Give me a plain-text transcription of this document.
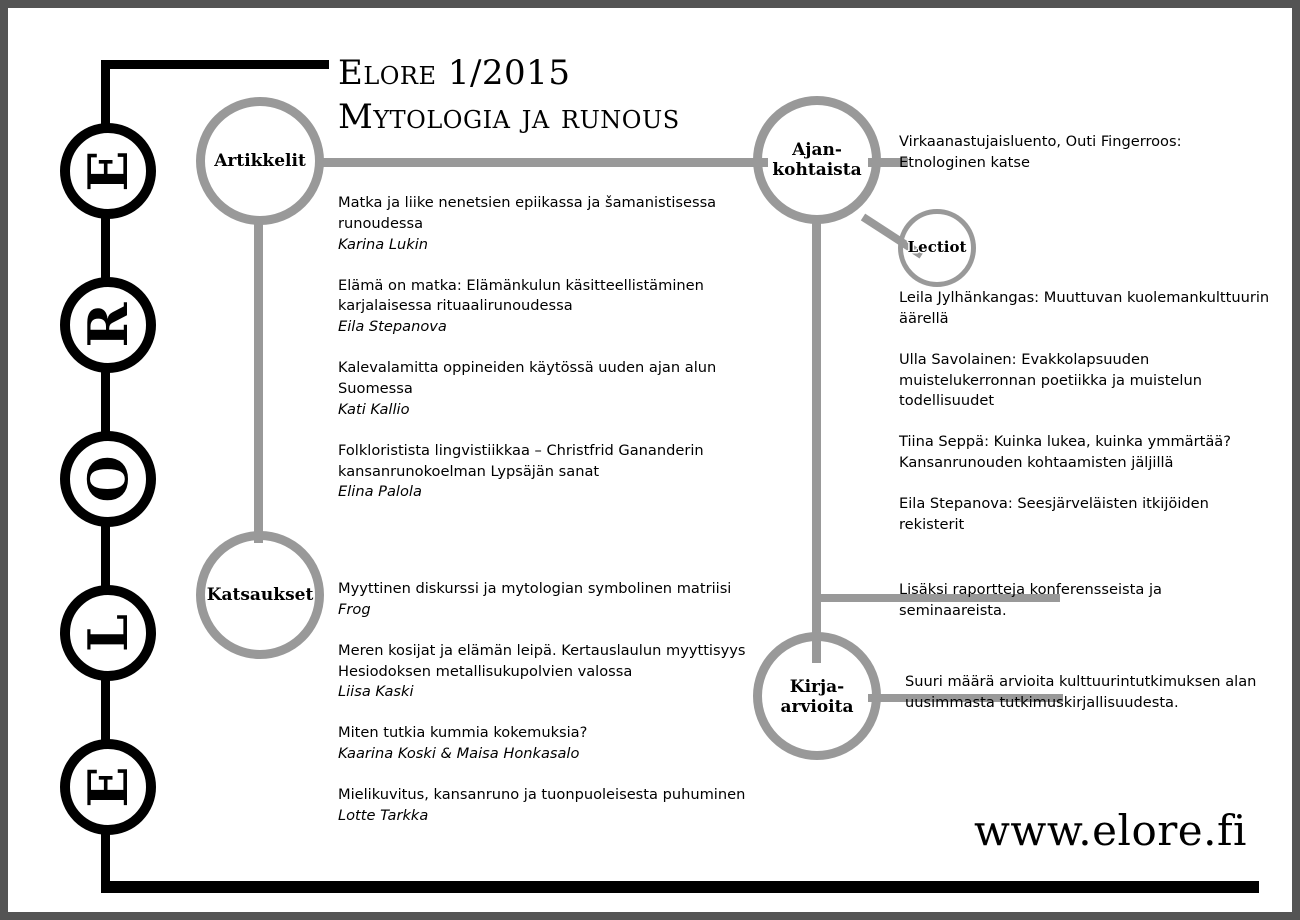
E
R
O
L
E
Elore 1/2015
Mytologia ja runous
Artikkelit
Katsaukset
Ajan-
kohtaista
Lectiot
Kirja-
arvioita
Matka ja liike nenetsien epiikassa ja šamanistisessa runoudessa
Karina Lukin
Elämä on matka: Elämänkulun käsitteellistäminen karjalaisessa rituaalirunoudessa
Eila Stepanova
Kalevalamitta oppineiden käytössä uuden ajan alun Suomessa
Kati Kallio
Folkloristista lingvistiikkaa – Christfrid Gananderin kansanrunokoelman Lypsäjän sanat
Elina Palola
Myyttinen diskurssi ja mytologian symbolinen matriisi
Frog
Meren kosijat ja elämän leipä. Kertauslaulun myyttisyys Hesiodoksen metallisukupolvien valossa
Liisa Kaski
Miten tutkia kummia kokemuksia?
Kaarina Koski & Maisa Honkasalo
Mielikuvitus, kansanruno ja tuonpuoleisesta puhuminen
Lotte Tarkka
Virkaanastujaisluento, Outi Fingerroos: Etnologinen katse
Leila Jylhänkangas: Muuttuvan kuolemankulttuurin äärellä
Ulla Savolainen: Evakkolapsuuden muistelukerronnan poetiikka ja muistelun todellisuudet
Tiina Seppä: Kuinka lukea, kuinka ymmärtää? Kansanrunouden kohtaamisten jäljillä
Eila Stepanova: Seesjärveläisten itkijöiden rekisterit
Lisäksi raportteja konferensseista ja seminaareista.
Suuri määrä arvioita kulttuurintutkimuksen alan uusimmasta tutkimuskirjallisuudesta.
www.elore.fi
